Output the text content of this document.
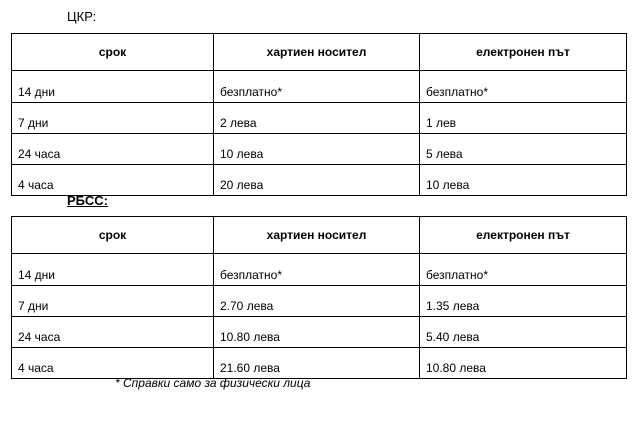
ЦКР:
срок	хартиен носител	електронен път
14 дни	безплатно*	безплатно*
7 дни	2 лева	1 лев
24 часа	10 лева	5 лева
4 часа	20 лева	10 лева
РБСС:
срок	хартиен носител	електронен път
14 дни	безплатно*	безплатно*
7 дни	2.70 лева	1.35 лева
24 часа	10.80 лева	5.40 лева
4 часа	21.60 лева	10.80 лева
* Справки само за физически лица
